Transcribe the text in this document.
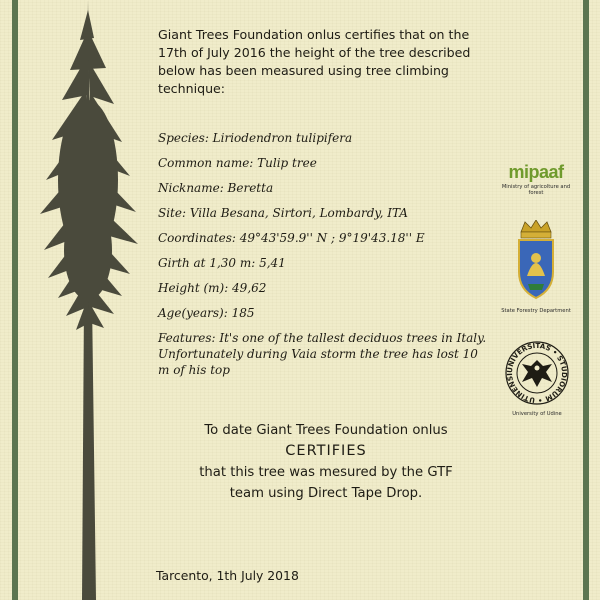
Giant Trees Foundation onlus certifies that on the 17th of July 2016 the height of the tree described below has been measured using tree climbing technique:

Species: Liriodendron tulipifera
Common name: Tulip tree
Nickname: Beretta
Site: Villa Besana, Sirtori, Lombardy, ITA
Coordinates: 49°43'59.9'' N ; 9°19'43.18'' E
Girth at 1,30 m: 5,41
Height (m): 49,62
Age(years): 185
Features: It's one of the tallest deciduos trees in Italy. Unfortunately during Vaia storm the tree has lost 10 m of his top
To date Giant Trees Foundation onlus
CERTIFIES
that this tree was mesured by the GTF
team using Direct Tape Drop.
Tarcento, 1th July 2018
mipaaf
Ministry of agricolture and forest
State Forestry Department
UNIVERSITAS • STUDIORUM • UTINENSI
University of Udine
